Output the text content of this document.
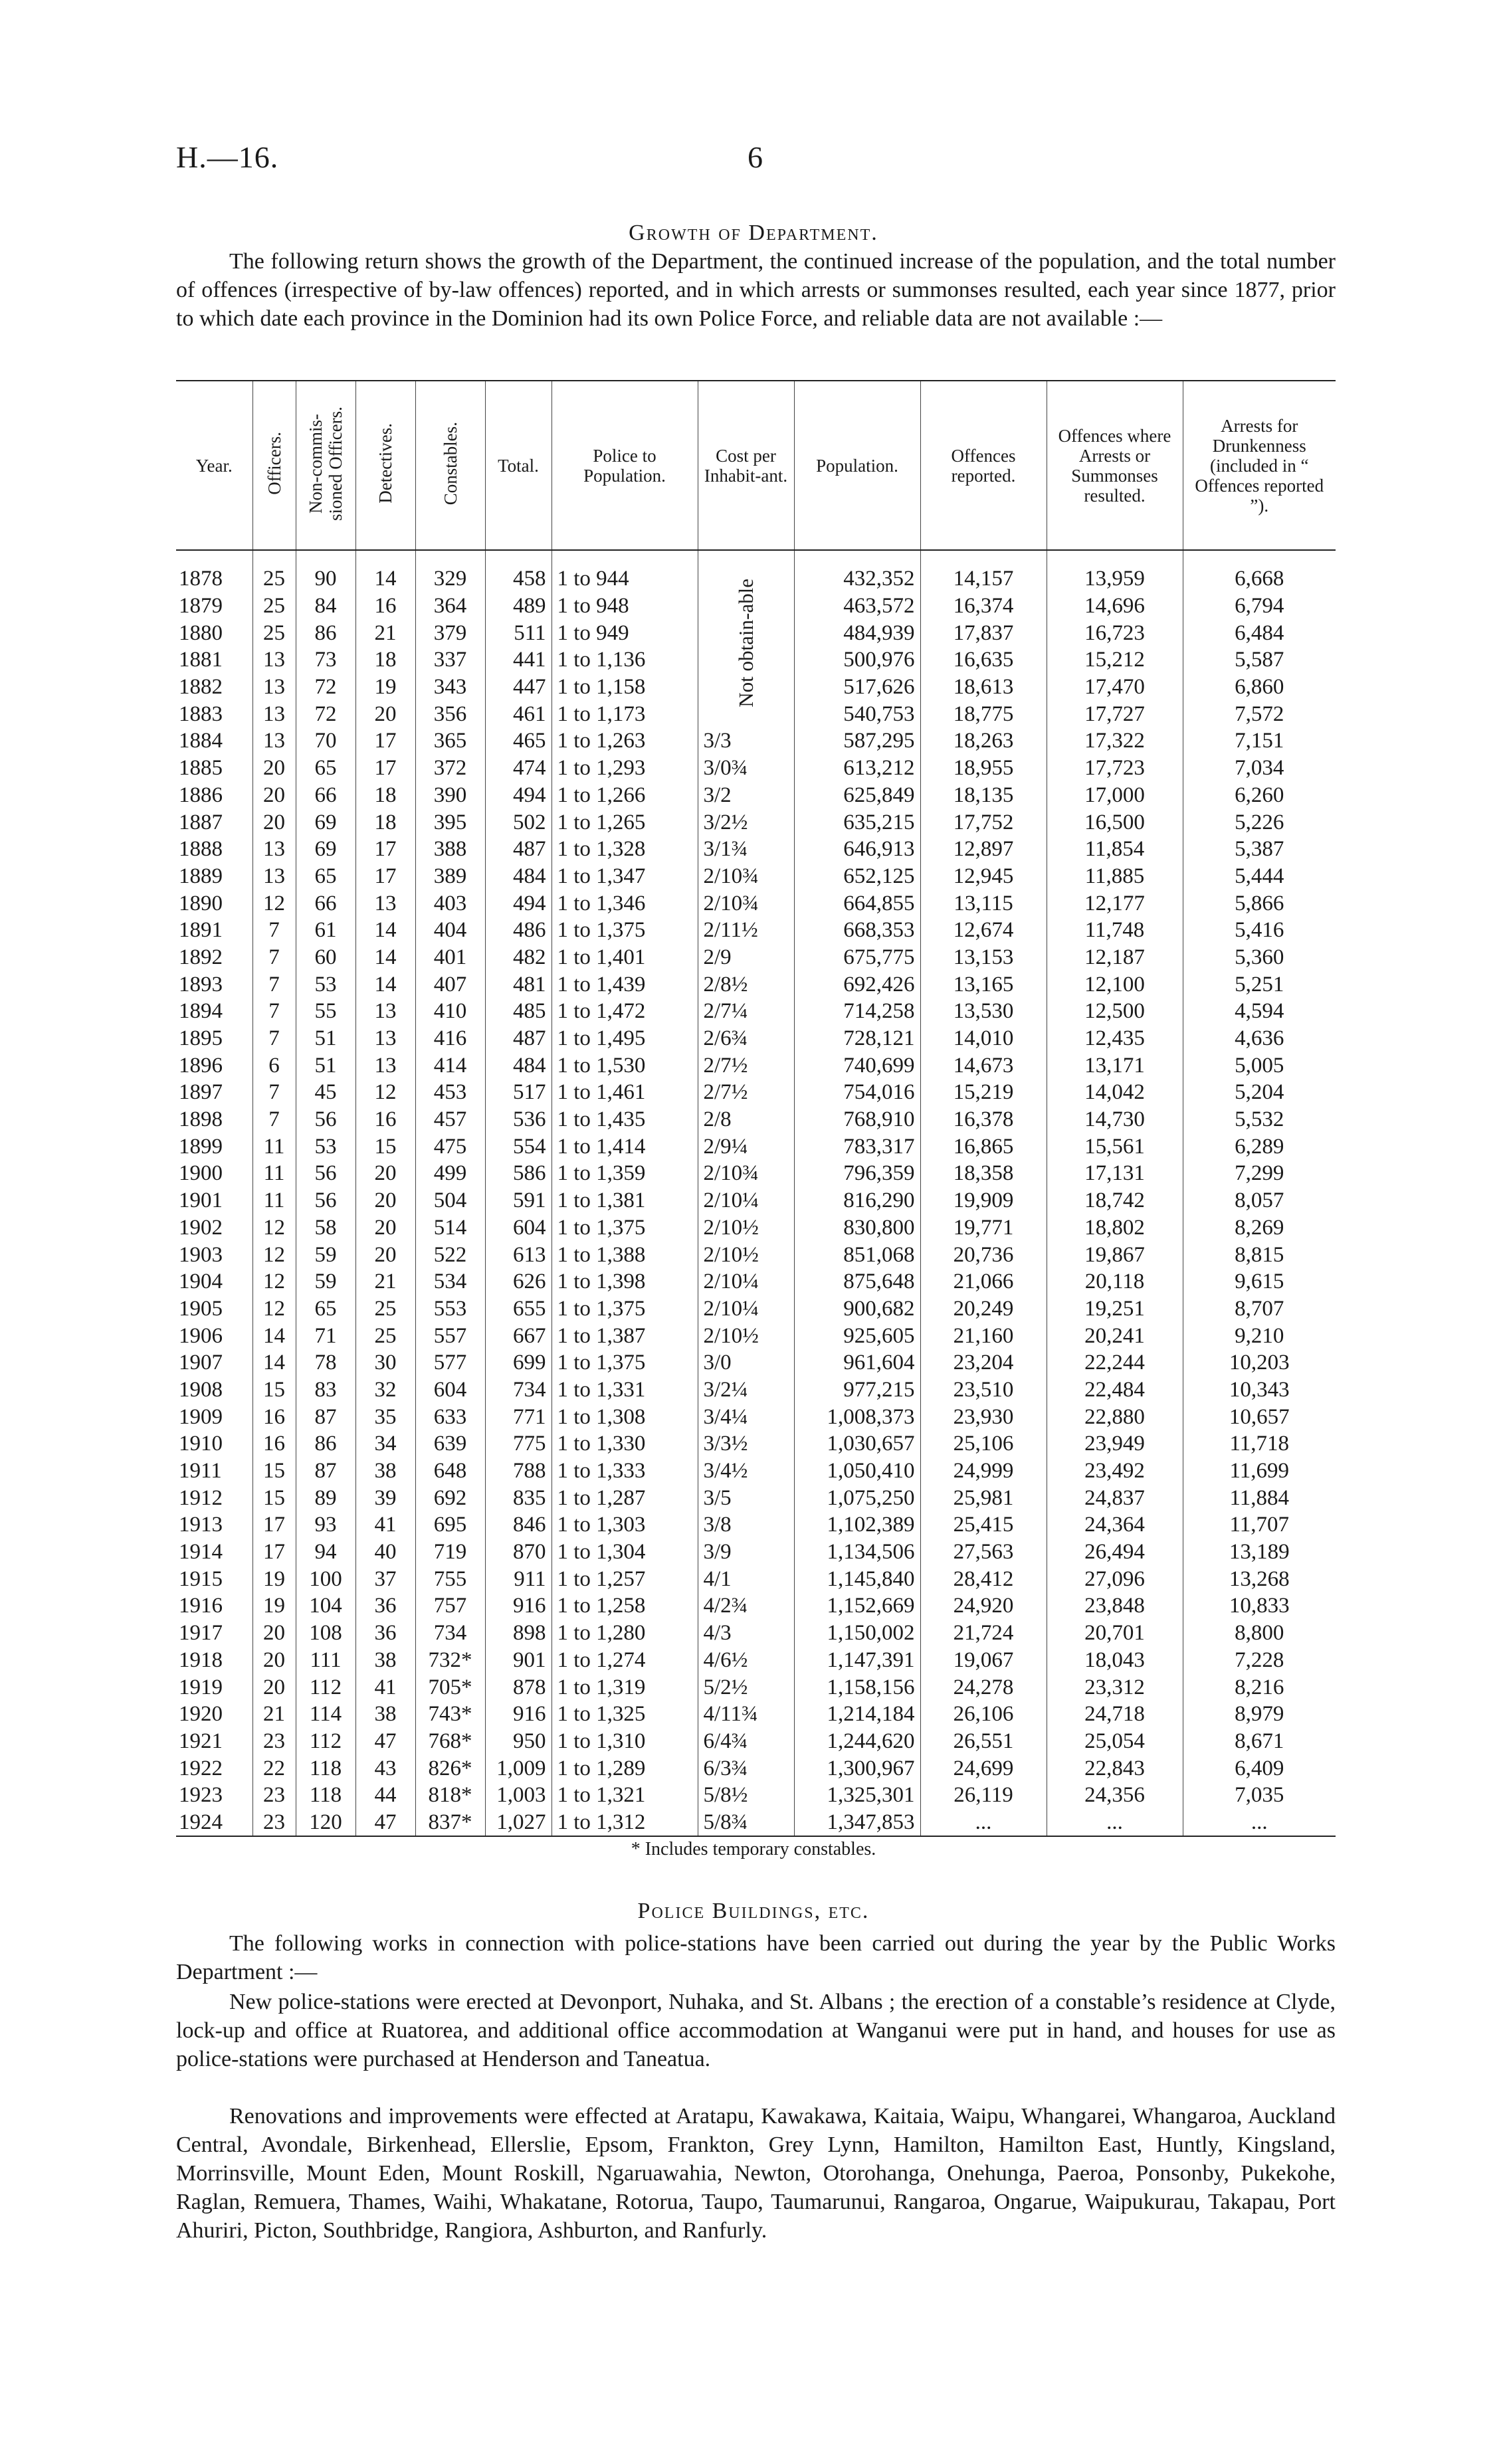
H.—16.	6
Growth of Department.
The following return shows the growth of the Department, the continued increase of the population, and the total number of offences (irrespective of by-law offences) reported, and in which arrests or summonses resulted, each year since 1877, prior to which date each province in the Dominion had its own Police Force, and reliable data are not available :—
Year.	Officers.	Non-commis-sioned Officers.	Detectives.	Constables.	Total.	Police to Population.	Cost per Inhabit-ant.	Population.	Offences reported.	Offences where Arrests or Summonses resulted.	Arrests for Drunkenness (included in “ Offences reported ”).
1878	25	90	14	329	458	1 to 944	Not obtain-able	432,352	14,157	13,959	6,668
1879	25	84	16	364	489	1 to 948		463,572	16,374	14,696	6,794
1880	25	86	21	379	511	1 to 949		484,939	17,837	16,723	6,484
1881	13	73	18	337	441	1 to 1,136		500,976	16,635	15,212	5,587
1882	13	72	19	343	447	1 to 1,158		517,626	18,613	17,470	6,860
1883	13	72	20	356	461	1 to 1,173		540,753	18,775	17,727	7,572
1884	13	70	17	365	465	1 to 1,263	3/3	587,295	18,263	17,322	7,151
1885	20	65	17	372	474	1 to 1,293	3/0¾	613,212	18,955	17,723	7,034
1886	20	66	18	390	494	1 to 1,266	3/2	625,849	18,135	17,000	6,260
1887	20	69	18	395	502	1 to 1,265	3/2½	635,215	17,752	16,500	5,226
1888	13	69	17	388	487	1 to 1,328	3/1¾	646,913	12,897	11,854	5,387
1889	13	65	17	389	484	1 to 1,347	2/10¾	652,125	12,945	11,885	5,444
1890	12	66	13	403	494	1 to 1,346	2/10¾	664,855	13,115	12,177	5,866
1891	7	61	14	404	486	1 to 1,375	2/11½	668,353	12,674	11,748	5,416
1892	7	60	14	401	482	1 to 1,401	2/9	675,775	13,153	12,187	5,360
1893	7	53	14	407	481	1 to 1,439	2/8½	692,426	13,165	12,100	5,251
1894	7	55	13	410	485	1 to 1,472	2/7¼	714,258	13,530	12,500	4,594
1895	7	51	13	416	487	1 to 1,495	2/6¾	728,121	14,010	12,435	4,636
1896	6	51	13	414	484	1 to 1,530	2/7½	740,699	14,673	13,171	5,005
1897	7	45	12	453	517	1 to 1,461	2/7½	754,016	15,219	14,042	5,204
1898	7	56	16	457	536	1 to 1,435	2/8	768,910	16,378	14,730	5,532
1899	11	53	15	475	554	1 to 1,414	2/9¼	783,317	16,865	15,561	6,289
1900	11	56	20	499	586	1 to 1,359	2/10¾	796,359	18,358	17,131	7,299
1901	11	56	20	504	591	1 to 1,381	2/10¼	816,290	19,909	18,742	8,057
1902	12	58	20	514	604	1 to 1,375	2/10½	830,800	19,771	18,802	8,269
1903	12	59	20	522	613	1 to 1,388	2/10½	851,068	20,736	19,867	8,815
1904	12	59	21	534	626	1 to 1,398	2/10¼	875,648	21,066	20,118	9,615
1905	12	65	25	553	655	1 to 1,375	2/10¼	900,682	20,249	19,251	8,707
1906	14	71	25	557	667	1 to 1,387	2/10½	925,605	21,160	20,241	9,210
1907	14	78	30	577	699	1 to 1,375	3/0	961,604	23,204	22,244	10,203
1908	15	83	32	604	734	1 to 1,331	3/2¼	977,215	23,510	22,484	10,343
1909	16	87	35	633	771	1 to 1,308	3/4¼	1,008,373	23,930	22,880	10,657
1910	16	86	34	639	775	1 to 1,330	3/3½	1,030,657	25,106	23,949	11,718
1911	15	87	38	648	788	1 to 1,333	3/4½	1,050,410	24,999	23,492	11,699
1912	15	89	39	692	835	1 to 1,287	3/5	1,075,250	25,981	24,837	11,884
1913	17	93	41	695	846	1 to 1,303	3/8	1,102,389	25,415	24,364	11,707
1914	17	94	40	719	870	1 to 1,304	3/9	1,134,506	27,563	26,494	13,189
1915	19	100	37	755	911	1 to 1,257	4/1	1,145,840	28,412	27,096	13,268
1916	19	104	36	757	916	1 to 1,258	4/2¾	1,152,669	24,920	23,848	10,833
1917	20	108	36	734	898	1 to 1,280	4/3	1,150,002	21,724	20,701	8,800
1918	20	111	38	732*	901	1 to 1,274	4/6½	1,147,391	19,067	18,043	7,228
1919	20	112	41	705*	878	1 to 1,319	5/2½	1,158,156	24,278	23,312	8,216
1920	21	114	38	743*	916	1 to 1,325	4/11¾	1,214,184	26,106	24,718	8,979
1921	23	112	47	768*	950	1 to 1,310	6/4¾	1,244,620	26,551	25,054	8,671
1922	22	118	43	826*	1,009	1 to 1,289	6/3¾	1,300,967	24,699	22,843	6,409
1923	23	118	44	818*	1,003	1 to 1,321	5/8½	1,325,301	26,119	24,356	7,035
1924	23	120	47	837*	1,027	1 to 1,312	5/8¾	1,347,853	...	...	...
* Includes temporary constables.
Police Buildings, etc.
The following works in connection with police-stations have been carried out during the year by the Public Works Department :—
New police-stations were erected at Devonport, Nuhaka, and St. Albans ; the erection of a constable’s residence at Clyde, lock-up and office at Ruatorea, and additional office accommodation at Wanganui were put in hand, and houses for use as police-stations were purchased at Henderson and Taneatua.
Renovations and improvements were effected at Aratapu, Kawakawa, Kaitaia, Waipu, Whangarei, Whangaroa, Auckland Central, Avondale, Birkenhead, Ellerslie, Epsom, Frankton, Grey Lynn, Hamilton, Hamilton East, Huntly, Kingsland, Morrinsville, Mount Eden, Mount Roskill, Ngaruawahia, Newton, Otorohanga, Onehunga, Paeroa, Ponsonby, Pukekohe, Raglan, Remuera, Thames, Waihi, Whakatane, Rotorua, Taupo, Taumarunui, Rangaroa, Ongarue, Waipukurau, Takapau, Port Ahuriri, Picton, Southbridge, Rangiora, Ashburton, and Ranfurly.
